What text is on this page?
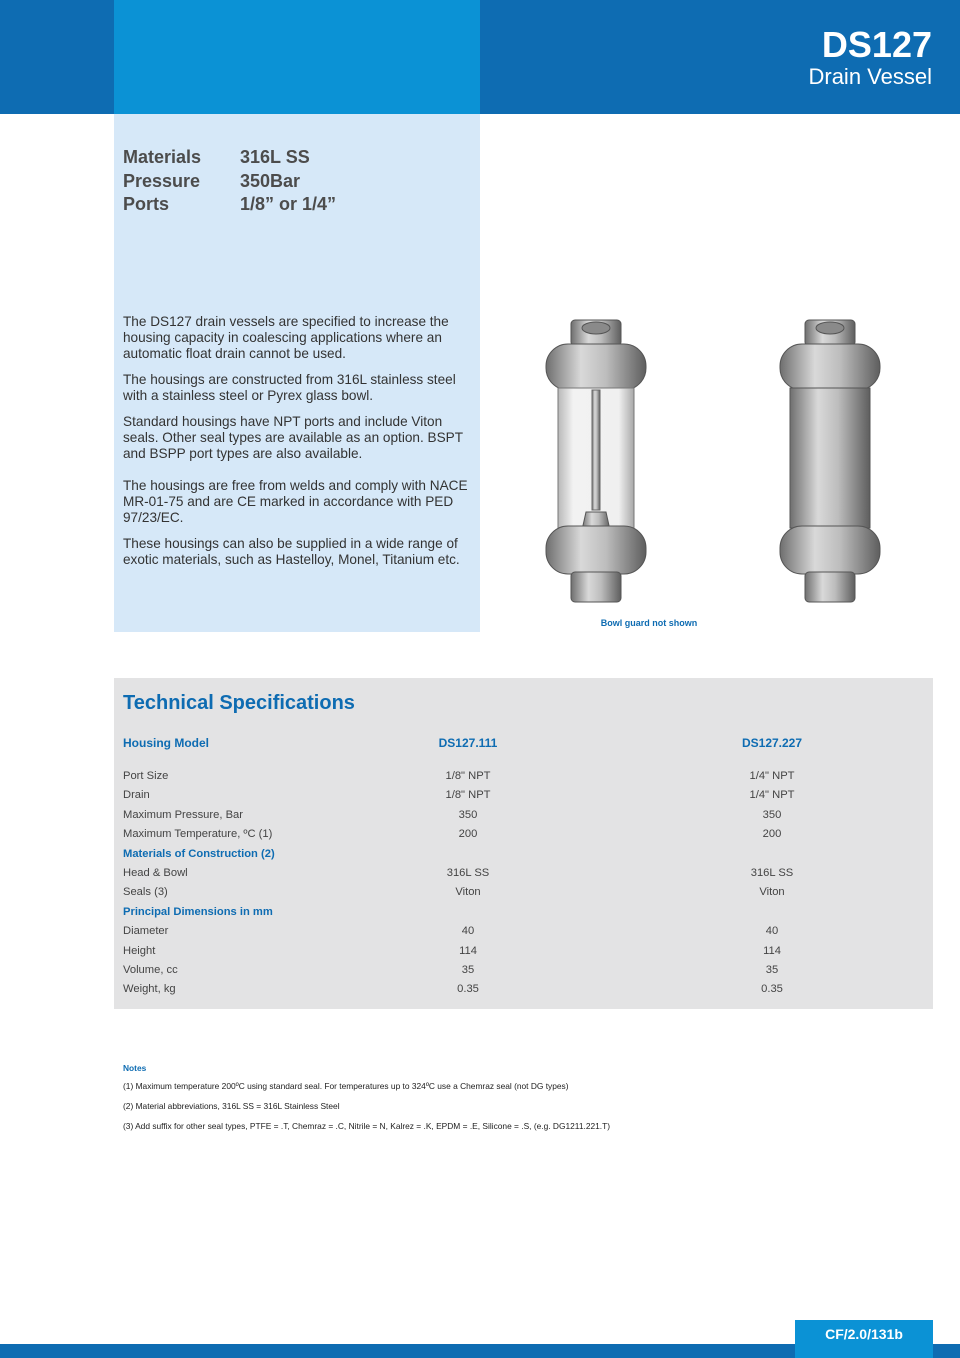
DS127
Drain Vessel
Materials	316L SS
Pressure	350Bar
Ports	1/8” or 1/4”

The DS127 drain vessels are specified to increase the housing capacity in coalescing applications where an automatic float drain cannot be used.

The housings are constructed from 316L stainless steel with a stainless steel or Pyrex glass bowl.

Standard housings have NPT ports and include Viton seals. Other seal types are available as an option. BSPT and BSPP port types are also available.

The housings are free from welds and comply with NACE MR-01-75 and are CE marked in accordance with PED 97/23/EC.

These housings can also be supplied in a wide range of exotic materials, such as Hastelloy, Monel, Titanium etc.

Bowl guard not shown
Technical Specifications
Housing Model	DS127.111	DS127.227
Port Size	1/8" NPT	1/4" NPT
Drain	1/8" NPT	1/4" NPT
Maximum Pressure, Bar	350	350
Maximum Temperature, ºC (1)	200	200
Materials of Construction (2)
Head & Bowl	316L SS	316L SS
Seals (3)	Viton	Viton
Principal Dimensions in mm
Diameter	40	40
Height	114	114
Volume, cc	35	35
Weight, kg	0.35	0.35
Notes
(1) Maximum temperature 200ºC using standard seal. For temperatures up to 324ºC use a Chemraz seal (not DG types)
(2) Material abbreviations, 316L SS = 316L Stainless Steel
(3) Add suffix for other seal types, PTFE = .T, Chemraz = .C, Nitrile = N, Kalrez = .K, EPDM = .E, Silicone = .S, (e.g. DG1211.221.T)
CF/2.0/131b
